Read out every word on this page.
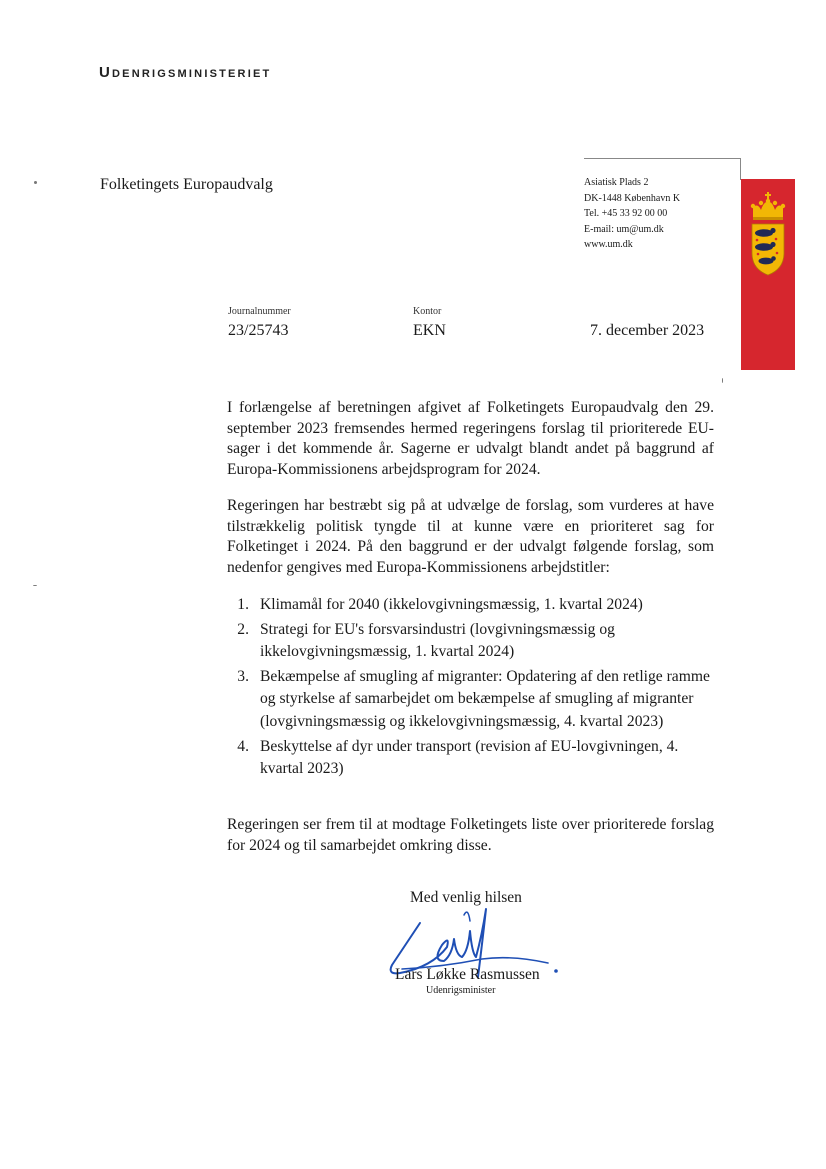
Udenrigsministeriet
Folketingets Europaudvalg	Asiatisk Plads 2
DK-1448 København K
Tel. +45 33 92 00 00
E-mail: um@um.dk
www.um.dk
Journalnummer
23/25743
Kontor
EKN	7. december 2023

I forlængelse af beretningen afgivet af Folketingets Europaudvalg den 29. september 2023 fremsendes hermed regeringens forslag til prioriterede EU-sager i det kommende år. Sagerne er udvalgt blandt andet på baggrund af Europa-Kommissionens arbejdsprogram for 2024.

Regeringen har bestræbt sig på at udvælge de forslag, som vurderes at have tilstrækkelig politisk tyngde til at kunne være en prioriteret sag for Folketinget i 2024. På den baggrund er der udvalgt følgende forslag, som nedenfor gengives med Europa-Kommissionens arbejdstitler:

1. Klimamål for 2040 (ikkelovgivningsmæssig, 1. kvartal 2024)
2. Strategi for EU's forsvarsindustri (lovgivningsmæssig og ikkelovgivningsmæssig, 1. kvartal 2024)
3. Bekæmpelse af smugling af migranter: Opdatering af den retlige ramme og styrkelse af samarbejdet om bekæmpelse af smugling af migranter (lovgivningsmæssig og ikkelovgivningsmæssig, 4. kvartal 2023)
4. Beskyttelse af dyr under transport (revision af EU-lovgivningen, 4. kvartal 2023)

Regeringen ser frem til at modtage Folketingets liste over prioriterede forslag for 2024 og til samarbejdet omkring disse.

Med venlig hilsen
Lars Løkke Rasmussen
Udenrigsminister
